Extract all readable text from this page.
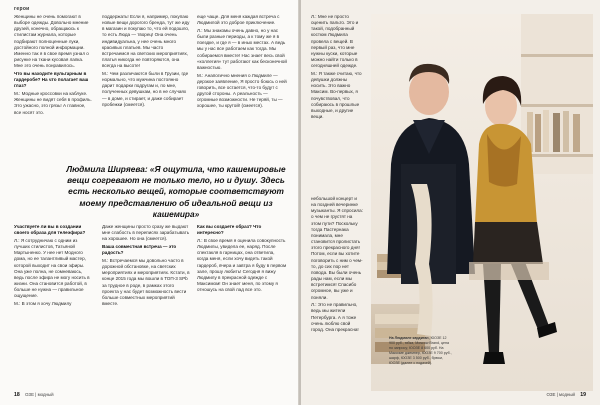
герои

Женщины не очень помогают в выборе одежды. Довольно мнение друзей, конечно, обращаюсь к стилистам журнала, которые подбирают полноценные луки, достойного полной информации. Именно так я в свое время узнал о рисунке на ткани кусовая лапка. Мне это очень понравилось.

Что вы находите вульгарным в гардеробе? На что полагает ваш глаз?

М.: Модные кроссовки на каблуке. Женщины не видят себя в профиль. Это ужасно, это грязь! А главное, все носят это.

Участвуете ли вы в создании своего образа для телеэфира?

Л.: Я сотрудничаю с одним из лучших стилистов, Татьяной Мартыненко. У нее нет Модного дома, но ее талантливый мастер, которой выходит на свои эфиры. Она уже полна, не сомневаюсь, ведь после эфира не могу носить в жизни. Она становится работой, в больше не нужна — правильное ощущение.

М.: В этом я хочу Людмилу

поддержать! Если я, например, покупаю новые вещи дорогого бренда, тут же иду в магазин и покупаю то, что ей подошло, то есть Люда — творец! Она очень индивидуальна, у нее очень много красивых платьев. Мы часто встречаемся на светских мероприятиях, платья никогда не повторяются, она всегда на высоте!

М.: Чем различаются были в Грузии, где нормально, что мужчина постоянно дарит подарки подругам и, по мне, полученных девушкам, но в не случаях — в доме, и стирает, и даже собирает пробежки (смеется).

Даже женщины просто сразу же выдают мне слабость в переписях зарабатывать на хорошее. Но она (смеется).

Ваша совместная встреча — это радость?

М.: Встречаемся мы довольно часто в дорожной обстановке, на светских мероприятиях и мероприятиях. Кстати, в конце 2015 года мы вошли в ТОП-3 SPb за трудное в роде, в рамках этого проекта у нас будет возможность вести больше совместных мероприятий вместе.

еще чаще. Для меня каждая встреча с Людмилой это доброе приключение.

Л.: Мы знакомы очень давно, но у нас были разные периоды, а к тому же я в поездке, и где я — в иных местах. А ведь мы у нас все работаем как тогда. Мы собираемся вместе! Нас знает весь свой «коллегия» тут работают как бесконечной важностью.

М.: Анапогично мнения о Людмиле — дерзкое заявление, Я просто боюсь о ней говорить, все остается, что-то будут с другой стороны. А реальность — огромные возможности. Не теряй, ты — хорошее, ты крутой! (смеется).

Как вы создаете образ? Что интересно?

Л.: В свое время я оценила совокупность Людмилы, увидела ее, наряд. После спектакля в гарницах, она ответила, когда меня, если хочу видеть такой гардероб, вчера и завтра я буду в первом зале, прошу любить! Сегодня я вижу Людмилу в прекрасной одежде с Максимом! Он знает меня, по этому я отношусь на свой лад все это.

Людмила Ширяева: «Я ощутила, что кашемировые вещи согревают не только тело, но и душу. Здесь есть несколько вещей, которые соответствуют моему представлению об идеальной вещи из кашемира»
18 ОЗЕ | модный

Л.: Мне не просто оценить пальто. Это и такой, подобранный костюм Людмила провела с вещей. В первый раз, что мне нужны куски, которые можно найти только в сегодняшней одежде.

М.: Я также считаю, что девушки должны носить. Это важно Максим. Во-первых, я почувствовал, что собираюсь в прошлые выходные, и другие вещи.

небольшой концерт и на поздней вечеринке музыканты. Я спросила: о чем не грустят на этом пути? Поскольку тогда Пастернака понимала, мне становится пролистать этого прекрасного дня! Потом, если вы хотите поговорить с ним о чем-то, до сих пор нет повода. Вы были очень рады нам, если мы встретимся! Спасибо огромное, вы уже и поняли.

Л.: Это не правильно, ведь мы жители Петербурга. А я тоже очень люблю свой город. Она прекрасна!

На Людмиле кардиган, ЮОЗЕ 12 900 руб., юбка, Moscow Brand, цена по запросу; ЮОЗЕ 8 600 руб. На Максиме джемпер, ЮОЗЕ 9 700 руб., шарф, ЮОЗЕ 3 500 руб., брюки, ЮОЗЕ (далее с подачей).
ОЗЕ | модный 19
